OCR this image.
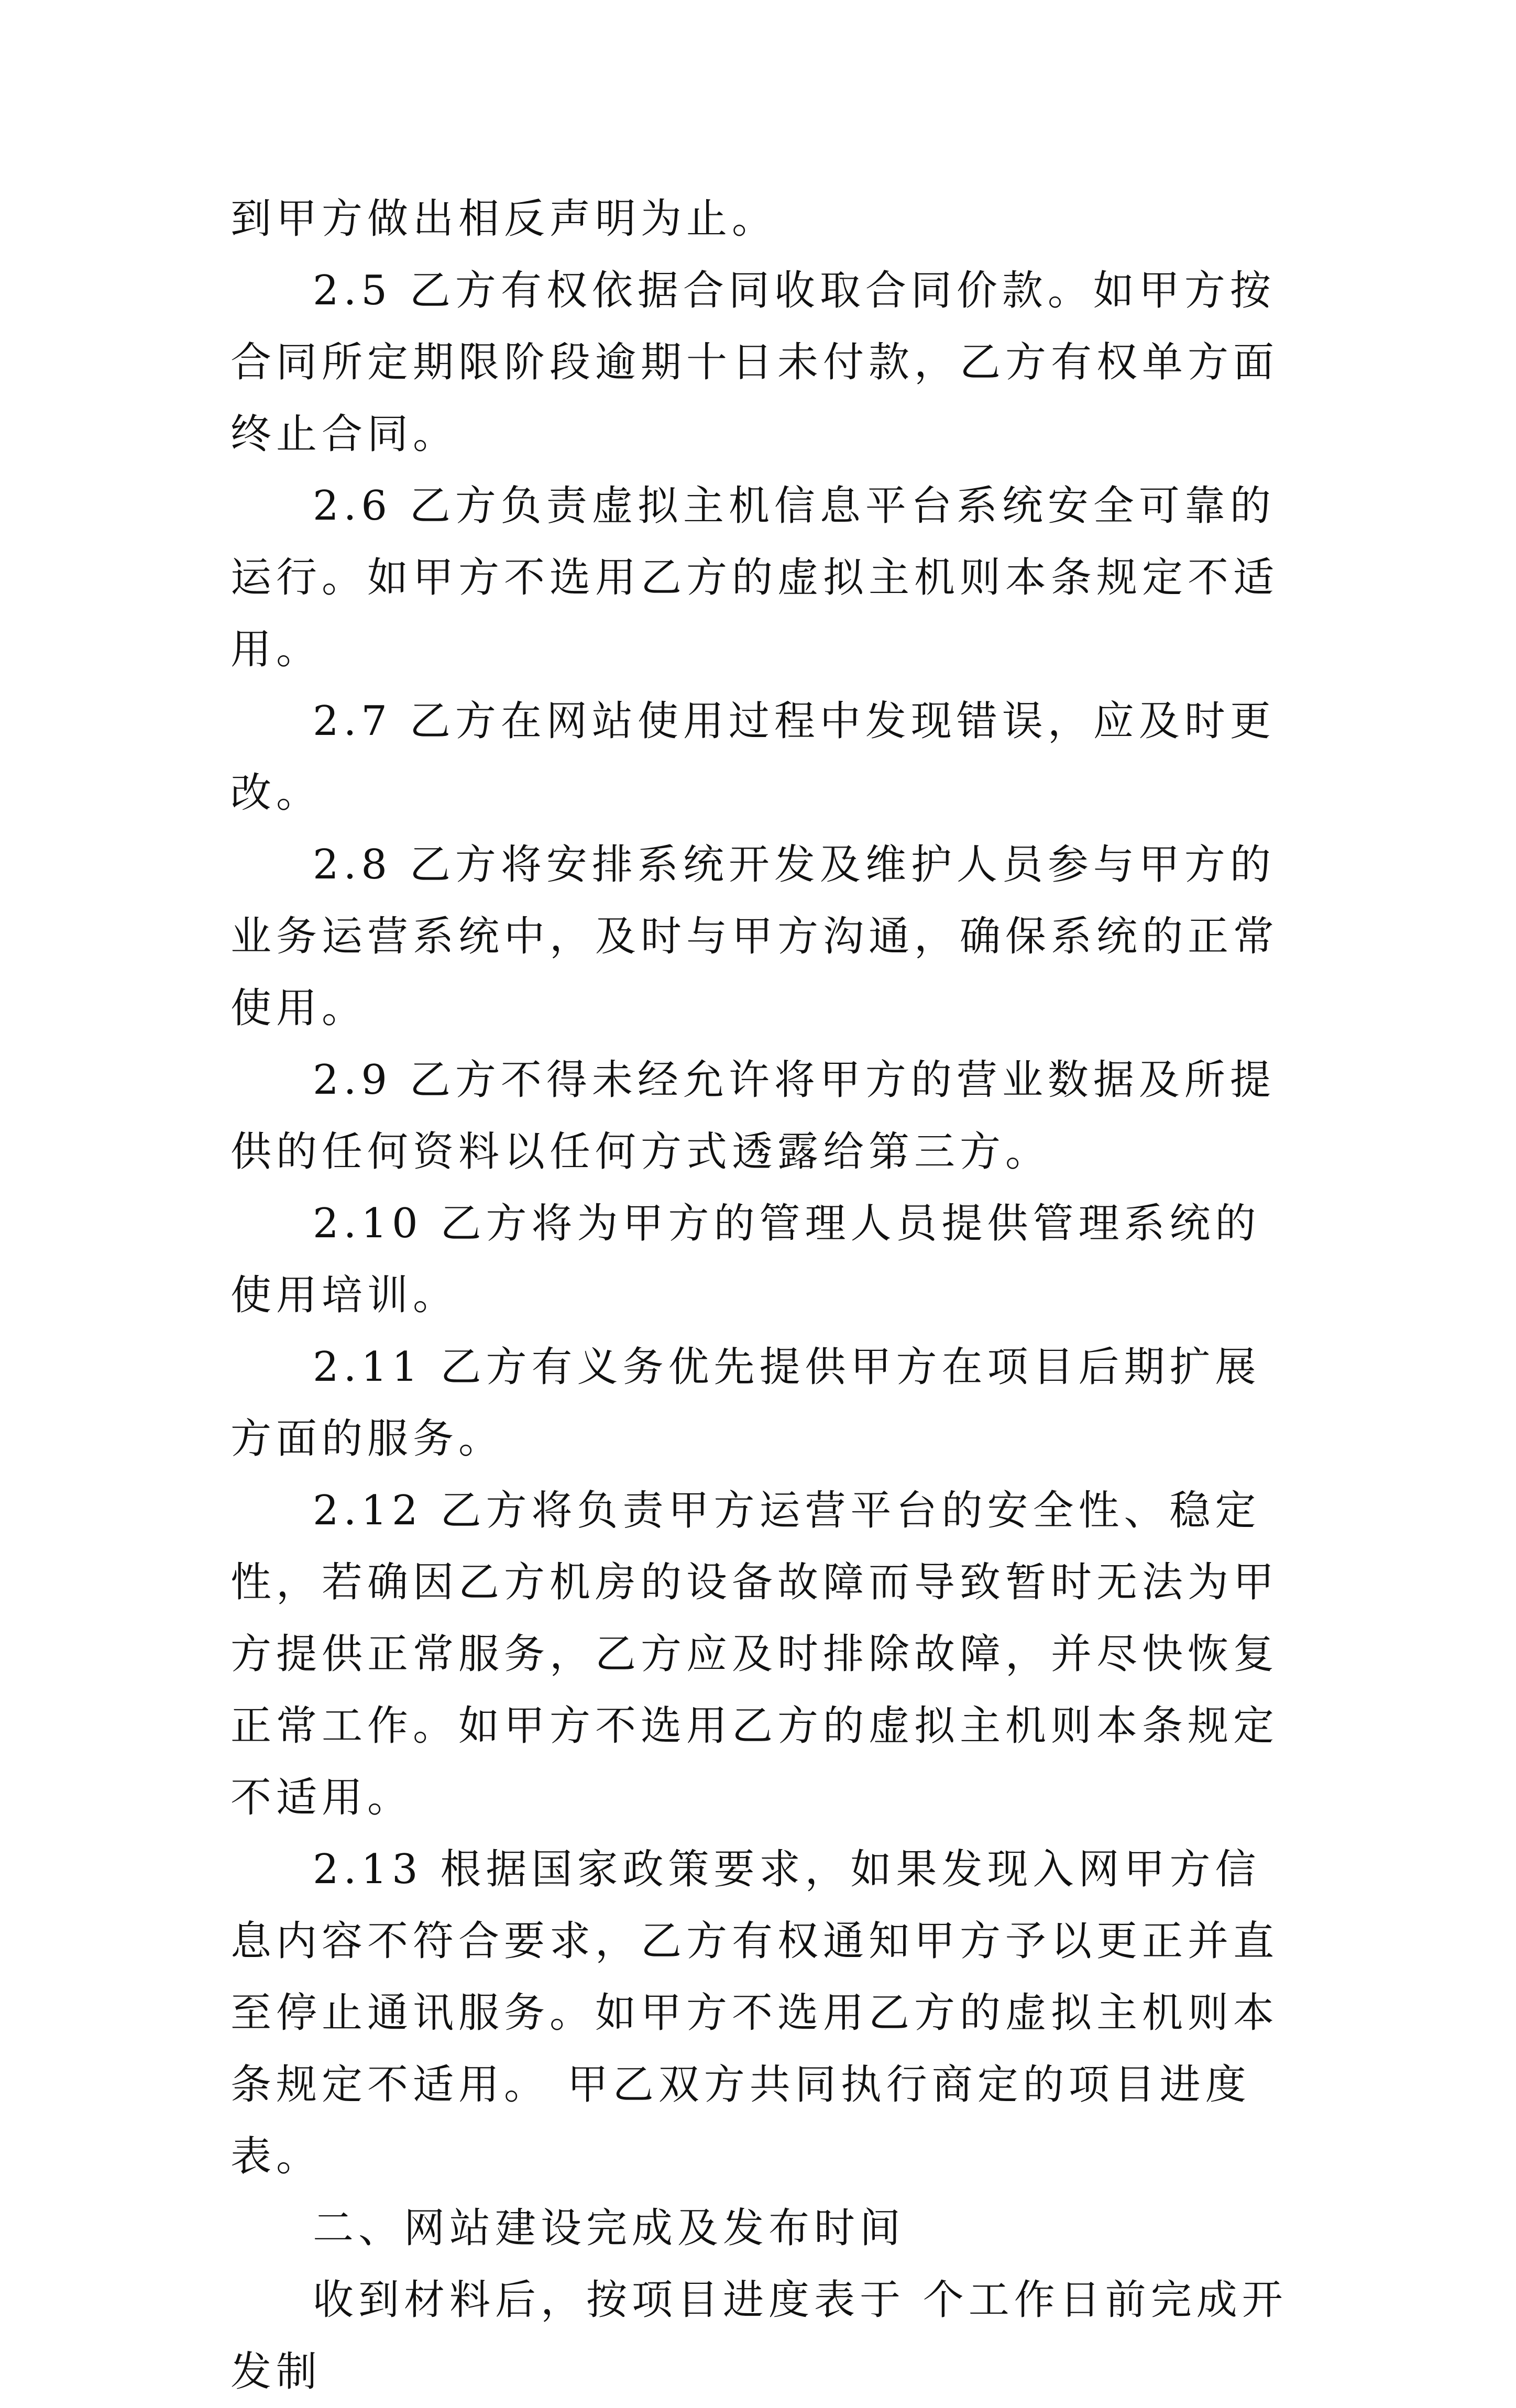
到甲方做出相反声明为止。

2.5 乙方有权依据合同收取合同价款。如甲方按合同所定期限阶段逾期十日未付款，乙方有权单方面终止合同。

2.6 乙方负责虚拟主机信息平台系统安全可靠的运行。如甲方不选用乙方的虚拟主机则本条规定不适用。

2.7 乙方在网站使用过程中发现错误，应及时更改。

2.8 乙方将安排系统开发及维护人员参与甲方的业务运营系统中，及时与甲方沟通，确保系统的正常使用。

2.9 乙方不得未经允许将甲方的营业数据及所提供的任何资料以任何方式透露给第三方。

2.10 乙方将为甲方的管理人员提供管理系统的使用培训。

2.11 乙方有义务优先提供甲方在项目后期扩展方面的服务。

2.12 乙方将负责甲方运营平台的安全性、稳定性，若确因乙方机房的设备故障而导致暂时无法为甲方提供正常服务，乙方应及时排除故障，并尽快恢复正常工作。如甲方不选用乙方的虚拟主机则本条规定不适用。

2.13 根据国家政策要求，如果发现入网甲方信息内容不符合要求，乙方有权通知甲方予以更正并直至停止通讯服务。如甲方不选用乙方的虚拟主机则本条规定不适用。 甲乙双方共同执行商定的项目进度表。

二、网站建设完成及发布时间

收到材料后，按项目进度表于 个工作日前完成开发制
